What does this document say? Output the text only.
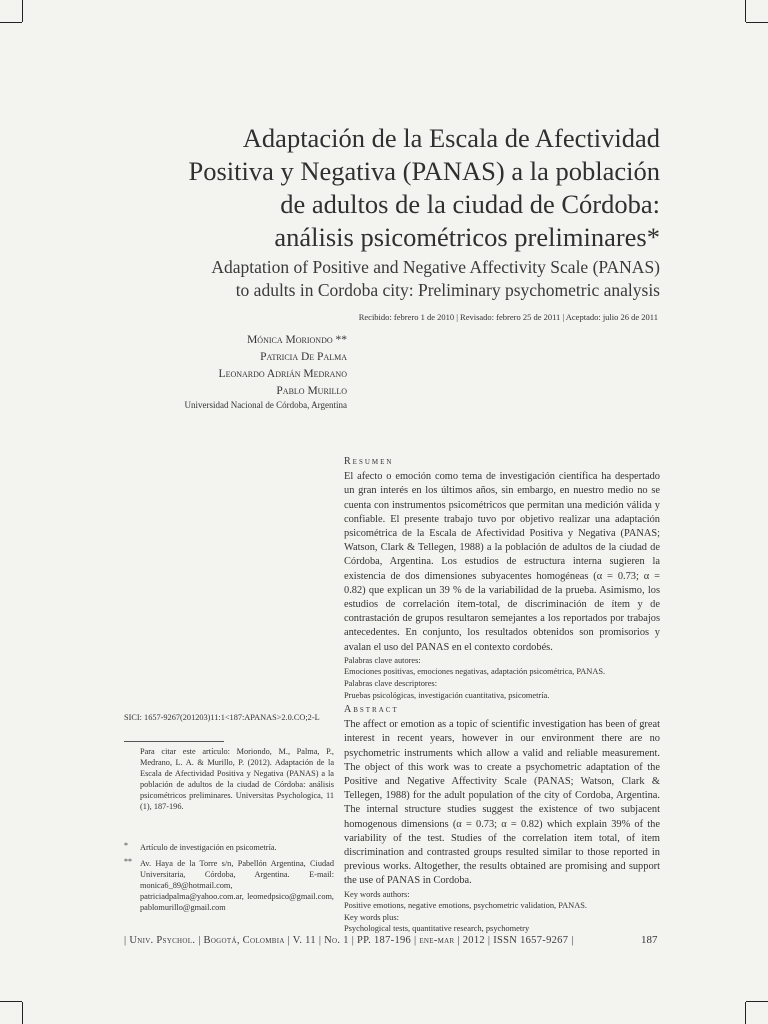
Adaptación de la Escala de Afectividad
Positiva y Negativa (PANAS) a la población
de adultos de la ciudad de Córdoba:
análisis psicométricos preliminares*
Adaptation of Positive and Negative Affectivity Scale (PANAS)
to adults in Cordoba city: Preliminary psychometric analysis
Recibido: febrero 1 de 2010 | Revisado: febrero 25 de 2011 | Aceptado: julio 26 de 2011
Mónica Moriondo **
Patricia De Palma
Leonardo Adrián Medrano
Pablo Murillo
Universidad Nacional de Córdoba, Argentina
Resumen
El afecto o emoción como tema de investigación científica ha despertado un gran interés en los últimos años, sin embargo, en nuestro medio no se cuenta con instrumentos psicométricos que permitan una medición válida y confiable. El presente trabajo tuvo por objetivo realizar una adaptación psicométrica de la Escala de Afectividad Positiva y Negativa (PANAS; Watson, Clark & Tellegen, 1988) a la población de adultos de la ciudad de Córdoba, Argentina. Los estudios de estructura interna sugieren la existencia de dos dimensiones subyacentes homogéneas (α = 0.73; α = 0.82) que explican un 39 % de la variabilidad de la prueba. Asimismo, los estudios de correlación ítem-total, de discriminación de ítem y de contrastación de grupos resultaron semejantes a los reportados por trabajos antecedentes. En conjunto, los resultados obtenidos son promisorios y avalan el uso del PANAS en el contexto cordobés.
Palabras clave autores:
Emociones positivas, emociones negativas, adaptación psicométrica, PANAS.
Palabras clave descriptores:
Pruebas psicológicas, investigación cuantitativa, psicometría.
Abstract
The affect or emotion as a topic of scientific investigation has been of great interest in recent years, however in our environment there are no psychometric instruments which allow a valid and reliable measurement. The object of this work was to create a psychometric adaptation of the Positive and Negative Affectivity Scale (PANAS; Watson, Clark & Tellegen, 1988) for the adult population of the city of Cordoba, Argentina. The internal structure studies suggest the existence of two subjacent homogenous dimensions (α = 0.73; α = 0.82) which explain 39% of the variability of the test. Studies of the correlation item total, of item discrimination and contrasted groups resulted similar to those reported in previous works. Altogether, the results obtained are promising and support the use of PANAS in Cordoba.
Key words authors:
Positive emotions, negative emotions, psychometric validation, PANAS.
Key words plus:
Psychological tests, quantitative research, psychometry
SICI: 1657-9267(201203)11:1<187:APANAS>2.0.CO;2-L
Para citar este artículo: Moriondo, M., Palma, P., Medrano, L. A. & Murillo, P. (2012). Adaptación de la Escala de Afectividad Positiva y Negativa (PANAS) a la población de adultos de la ciudad de Córdoba: análisis psicométricos preliminares. Universitas Psychologica, 11 (1), 187-196.
* Artículo de investigación en psicometría.
** Av. Haya de la Torre s/n, Pabellón Argentina, Ciudad Universitaria, Córdoba, Argentina. E-mail: monica6_89@hotmail.com, patriciadpalma@yahoo.com.ar, leomedpsico@gmail.com, pablomurillo@gmail.com
| Univ. Psychol. | Bogotá, Colombia | V. 11 | No. 1 | PP. 187-196 | ene-mar | 2012 | ISSN 1657-9267 |	187
